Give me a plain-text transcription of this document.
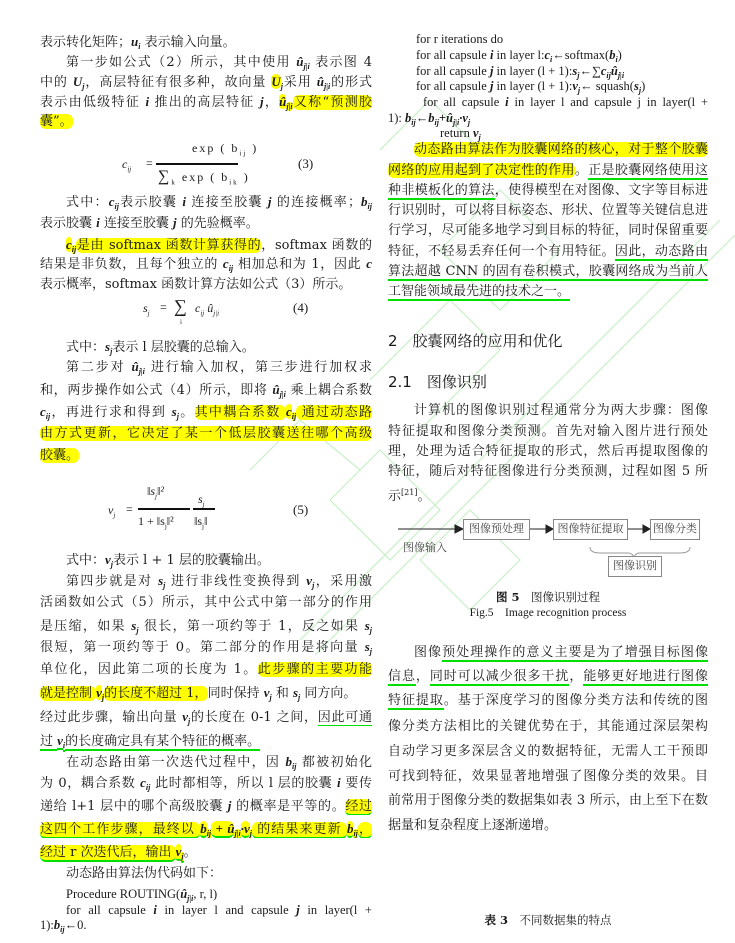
表示转化矩阵；$u_i$ 表示输入向量。
第一步如公式（2）所示，其中使用 $û_{j|i}$ 表示图 4
中的 $U_j$，高层特征有很多种，故向量 $U_j$采用 $û_{j|i}$的形式
表示由低级特征 i 推出的高层特征 j，$û_{j|i}$又称“预测胶
囊”。
式中：$c_{ij}$表示胶囊 i 连接至胶囊 j 的连接概率；$b_{ij}$
表示胶囊 i 连接至胶囊 j 的先验概率。
$c_{ij}$是由 softmax 函数计算获得的，softmax 函数的
结果是非负数，且每个独立的 $c_{ij}$ 相加总和为 1，因此 c
表示概率，softmax 函数计算方法如公式（3）所示。
式中：$s_j$表示 l 层胶囊的总输入。
第二步对 $û_{j|i}$ 进行输入加权，第三步进行加权求
和，两步操作如公式（4）所示，即将 $û_{j|i}$ 乘上耦合系数
$c_{ij}$，再进行求和得到 $s_j$。其中耦合系数 $c_{ij}$ 通过动态路
由方式更新，它决定了某一个低层胶囊送往哪个高级
胶囊。
式中：$v_j$表示 l + 1 层的胶囊输出。
第四步就是对 $s_j$ 进行非线性变换得到 $v_j$，采用激
活函数如公式（5）所示，其中公式中第一部分的作用
是压缩，如果 $s_j$ 很长，第一项约等于 1，反之如果 $s_j$
很短，第一项约等于 0。第二部分的作用是将向量 $s_j$
单位化，因此第二项的长度为 1。此步骤的主要功能
就是控制 $v_j$的长度不超过 1，同时保持 $v_j$ 和 $s_j$ 同方向。
经过此步骤，输出向量 $v_j$的长度在 0-1 之间，因此可通
过 $v_i$的长度确定具有某个特征的概率。
在动态路由第一次迭代过程中，因 $b_{ij}$ 都被初始化
为 0，耦合系数 $c_{ij}$ 此时都相等，所以 l 层的胶囊 i 要传
递给 l+1 层中的哪个高级胶囊 j 的概率是平等的。经过
这四个工作步骤，最终以 $b_{ij}$ + $û_{j|i}\cdot v_j$ 的结果来更新 $b_{ij}$，
经过 r 次迭代后，输出 $v_j$。
动态路由算法伪代码如下：
Procedure $ROUTING(û_{j|i}$, r, l)
for all capsule i in layer l and capsule j in layer(l +
$1):b_{ij}\leftarrow 0$.
for r iterations do
for all capsule i in layer $l:c_i\leftarrow softmax(b_i)$
for all capsule j in layer $(l + 1):s_j\leftarrow\sum c_{ij}û_{j|i}$
for all capsule j in layer $(l + 1):v_j\leftarrow$ $squash(s_j)$
for all capsule i in layer l and capsule j in layer(l +
1): $b_{ij}\leftarrow b_{ij}+û_{j|i}\cdot v_j$
return $v_j$
动态路由算法作为胶囊网络的核心，对于整个胶囊
网络的应用起到了决定性的作用。正是胶囊网络使用这
种非模板化的算法，使得模型在对图像、文字等目标进
行识别时，可以将目标姿态、形状、位置等关键信息进
行学习，尽可能多地学习到目标的特征，同时保留重要
特征，不轻易丢弃任何一个有用特征。因此，动态路由
算法超越 CNN 的固有卷积模式，胶囊网络成为当前人
工智能领域最先进的技术之一。
计算机的图像识别过程通常分为两大步骤：图像
特征提取和图像分类预测。首先对输入图片进行预处
理，处理为适合特征提取的形式，然后再提取图像的
特征，随后对特征图像进行分类预测，过程如图 5 所
示[21]。
图像预处理操作的意义主要是为了增强目标图像
信息，同时可以减少很多干扰，能够更好地进行图像
特征提取。基于深度学习的图像分类方法和传统的图
像分类方法相比的关键优势在于，其能通过深层架构
自动学习更多深层含义的数据特征，无需人工干预即
可找到特征，效果显著地增强了图像分类的效果。目
前常用于图像分类的数据集如表 3 所示，由上至下在数
据量和复杂程度上逐渐递增。
$c_{ij}$ =
exp ( $b_{ij}$ )
$\sum_k$ exp ( $b_{ik}$ )
(3)
$s_j$ = ∑
i
$c_{ij}$ $û_{j|i}$	(4)
$v_j$ =
$‖s_j‖^2$
$1 + ‖s_j‖^2$
$s_j$
$‖s_j‖$
(5)
2　胶囊网络的应用和优化
2.1　图像识别
图像输入
图像预处理	图像特征提取	图像分类
图像识别
图 5　 图像识别过程
Fig.5　Image recognition process
表 3　 不同数据集的特点
